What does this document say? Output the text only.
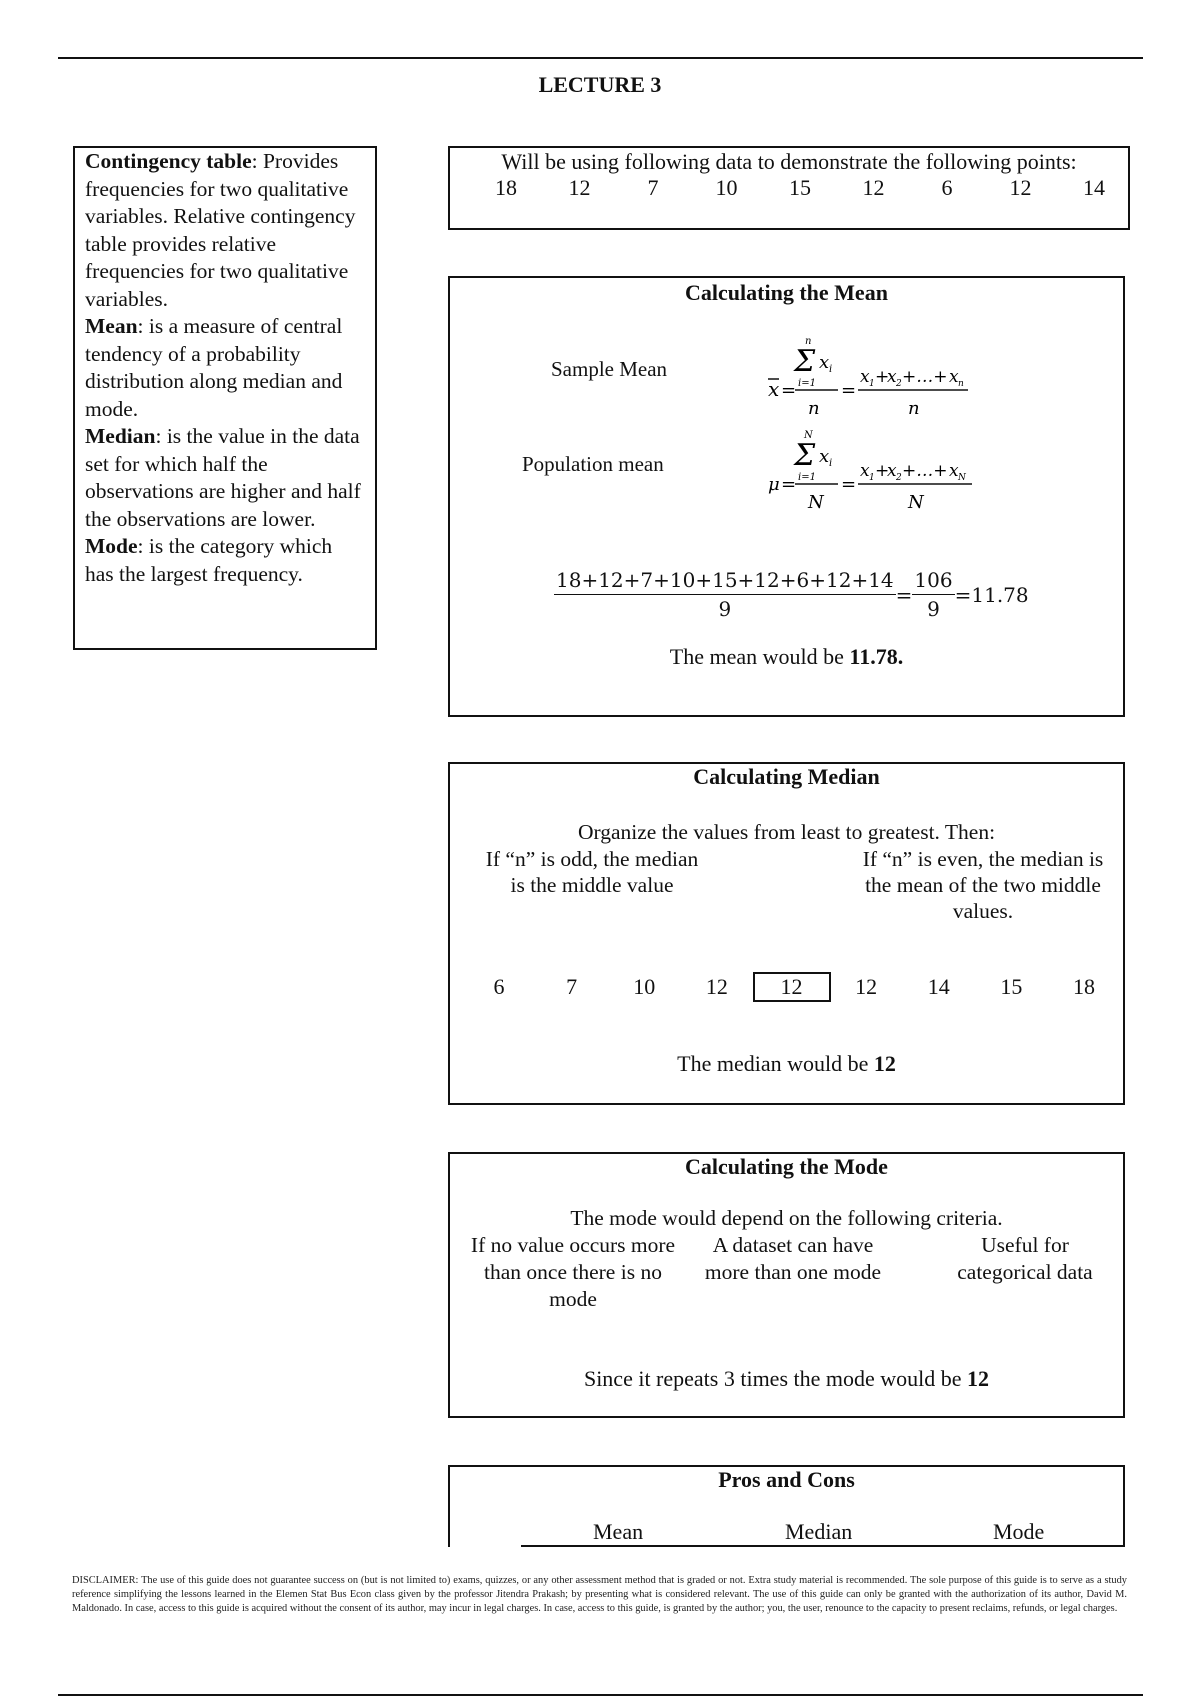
LECTURE 3

Contingency table: Provides frequencies for two qualitative variables. Relative contingency table provides relative frequencies for two qualitative variables.

Mean: is a measure of central tendency of a probability distribution along median and mode.

Median: is the value in the data set for which half the observations are higher and half the observations are lower.

Mode: is the category which has the largest frequency.

Will be using following data to demonstrate the following points:
18	12	7	10	15	12	6	12	14
Calculating the Mean
Sample Mean
Population mean
n
Σ x i
i=1
x =
n
=
x 1 +
x 2 +…+ x n
n
N
Σ x i
i=1
μ =
N
=
x 1 +
x 2 +…+ x N
N
$\frac{18+12+7+10+15+12+6+12+14}{9} = \frac{106}{9} =11.78$
The mean would be 11.78.
Calculating Median
Organize the values from least to greatest. Then:
If “n” is odd, the median is the middle value
If “n” is even, the median is the mean of the two middle values.
6	7	10	12	12	12	14	15	18
The median would be 12
Calculating the Mode
The mode would depend on the following criteria.
If no value occurs more than once there is no mode
A dataset can have more than one mode
Useful for categorical data
Since it repeats 3 times the mode would be 12
Pros and Cons
Mean	Median	Mode
DISCLAIMER: The use of this guide does not guarantee success on (but is not limited to) exams, quizzes, or any other assessment method that is graded or not. Extra study material is recommended. The sole purpose of this guide is to serve as a study reference simplifying the lessons learned in the Elemen Stat Bus Econ class given by the professor Jitendra Prakash; by presenting what is considered relevant. The use of this guide can only be granted with the authorization of its author, David M. Maldonado. In case, access to this guide is acquired without the consent of its author, may incur in legal charges. In case, access to this guide, is granted by the author; you, the user, renounce to the capacity to present reclaims, refunds, or legal charges.
